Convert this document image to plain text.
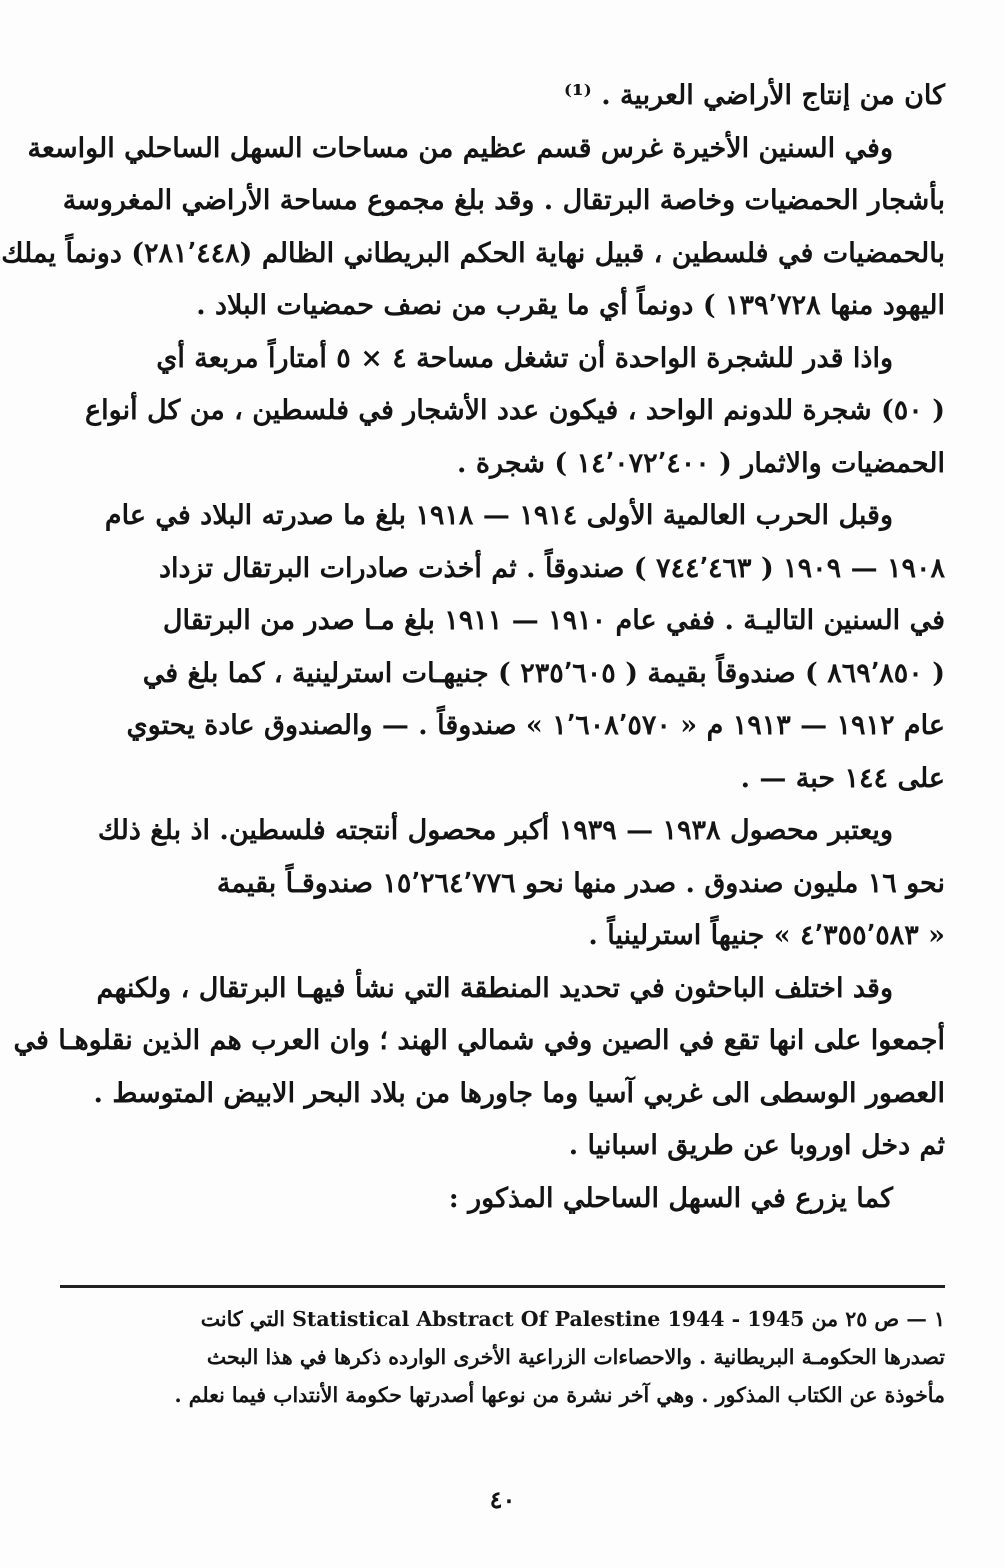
كان من إنتاج الأراضي العربية . ⁽¹⁾
وفي السنين الأخيرة غرس قسم عظيم من مساحات السهل الساحلي الواسعة
بأشجار الحمضيات وخاصة البرتقال . وقد بلغ مجموع مساحة الأراضي المغروسة
بالحمضيات في فلسطين ، قبيل نهاية الحكم البريطاني الظالم (٢٨١٬٤٤٨) دونماً يملك
اليهود منها ١٣٩٬٧٢٨ ) دونماً أي ما يقرب من نصف حمضيات البلاد .
واذا قدر للشجرة الواحدة أن تشغل مساحة ٤ × ٥ أمتاراً مربعة أي
( ٥٠) شجرة للدونم الواحد ، فيكون عدد الأشجار في فلسطين ، من كل أنواع
الحمضيات والاثمار ( ١٤٬٠٧٢٬٤٠٠ ) شجرة .
وقبل الحرب العالمية الأولى ١٩١٤ — ١٩١٨ بلغ ما صدرته البلاد في عام
١٩٠٨ — ١٩٠٩ ( ٧٤٤٬٤٦٣ ) صندوقاً . ثم أخذت صادرات البرتقال تزداد
في السنين التاليـة . ففي عام ١٩١٠ — ١٩١١ بلغ مـا صدر من البرتقال
( ٨٦٩٬٨٥٠ ) صندوقاً بقيمة ( ٢٣٥٬٦٠٥ ) جنيهـات استرلينية ، كما بلغ في
عام ١٩١٢ — ١٩١٣ م « ١٬٦٠٨٬٥٧٠ » صندوقاً . — والصندوق عادة يحتوي
على ١٤٤ حبة — .
ويعتبر محصول ١٩٣٨ — ١٩٣٩ أكبر محصول أنتجته فلسطين. اذ بلغ ذلك
نحو ١٦ مليون صندوق . صدر منها نحو ١٥٬٢٦٤٬٧٧٦ صندوقـاً بقيمة
« ٤٬٣٥٥٬٥٨٣ » جنيهاً استرلينياً .
وقد اختلف الباحثون في تحديد المنطقة التي نشأ فيهـا البرتقال ، ولكنهم
أجمعوا على انها تقع في الصين وفي شمالي الهند ؛ وان العرب هم الذين نقلوهـا في
العصور الوسطى الى غربي آسيا وما جاورها من بلاد البحر الابيض المتوسط .
ثم دخل اوروبا عن طريق اسبانيا .
كما يزرع في السهل الساحلي المذكور :
١ — ص ٢٥ من Statistical Abstract Of Palestine 1944 - 1945 التي كانت
تصدرها الحكومـة البريطانية . والاحصاءات الزراعية الأخرى الوارده ذكرها في هذا البحث
مأخوذة عن الكتاب المذكور . وهي آخر نشرة من نوعها أصدرتها حكومة الأنتداب فيما نعلم .
٤٠
